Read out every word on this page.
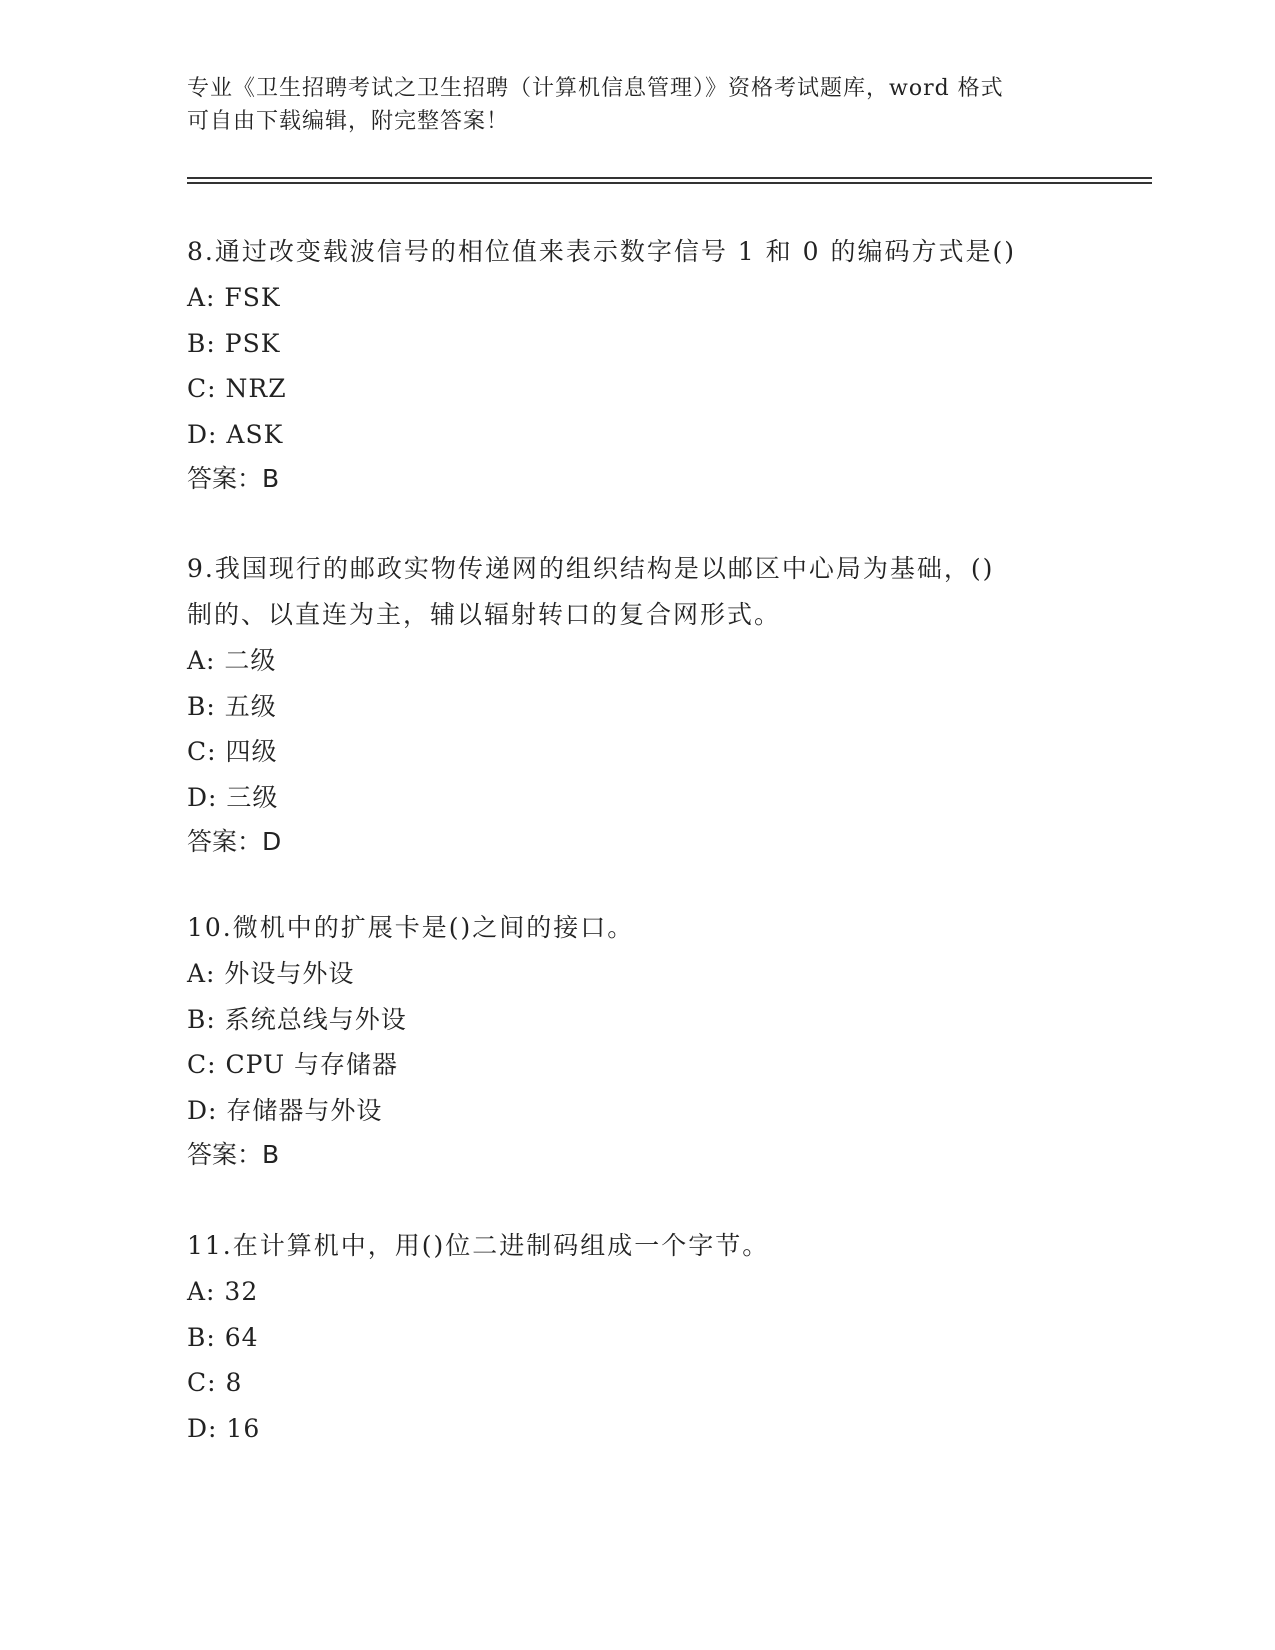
专业《卫生招聘考试之卫生招聘（计算机信息管理）》资格考试题库，word 格式
可自由下载编辑，附完整答案！
8.通过改变载波信号的相位值来表示数字信号 1 和 0 的编码方式是()
A: FSK
B: PSK
C: NRZ
D: ASK
答案：B
9.我国现行的邮政实物传递网的组织结构是以邮区中心局为基础，()
制的、以直连为主，辅以辐射转口的复合网形式。
A: 二级
B: 五级
C: 四级
D: 三级
答案：D
10.微机中的扩展卡是()之间的接口。
A: 外设与外设
B: 系统总线与外设
C: CPU 与存储器
D: 存储器与外设
答案：B
11.在计算机中，用()位二进制码组成一个字节。
A: 32
B: 64
C: 8
D: 16
